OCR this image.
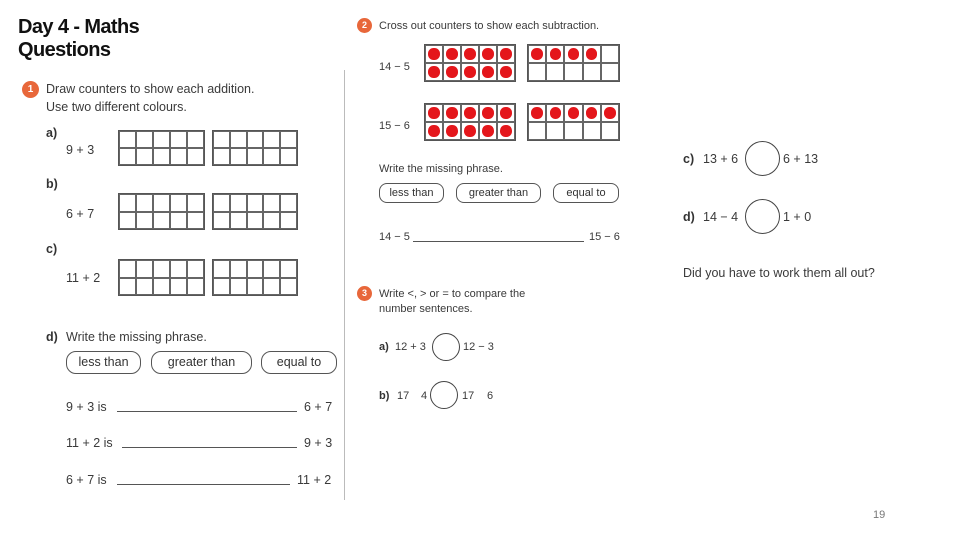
Day 4 - Maths
Questions
1	Draw counters to show each addition.
Use two different colours.
a)
9 + 3
b)
6 + 7
c)
11 + 2
d) Write the missing phrase.
less than	greater than	equal to
9 + 3 is	6 + 7
11 + 2 is	9 + 3
6 + 7 is	11 + 2
2	Cross out counters to show each subtraction.
14 − 5
15 − 6
Write the missing phrase.
less than	greater than	equal to
14 − 5	15 − 6
3	Write <, > or = to compare the
number sentences.
a) 12 + 3	12 − 3
b) 17 4	17 6
c) 13 + 6	6 + 13
d) 14 − 4	1 + 0
Did you have to work them all out?
19
